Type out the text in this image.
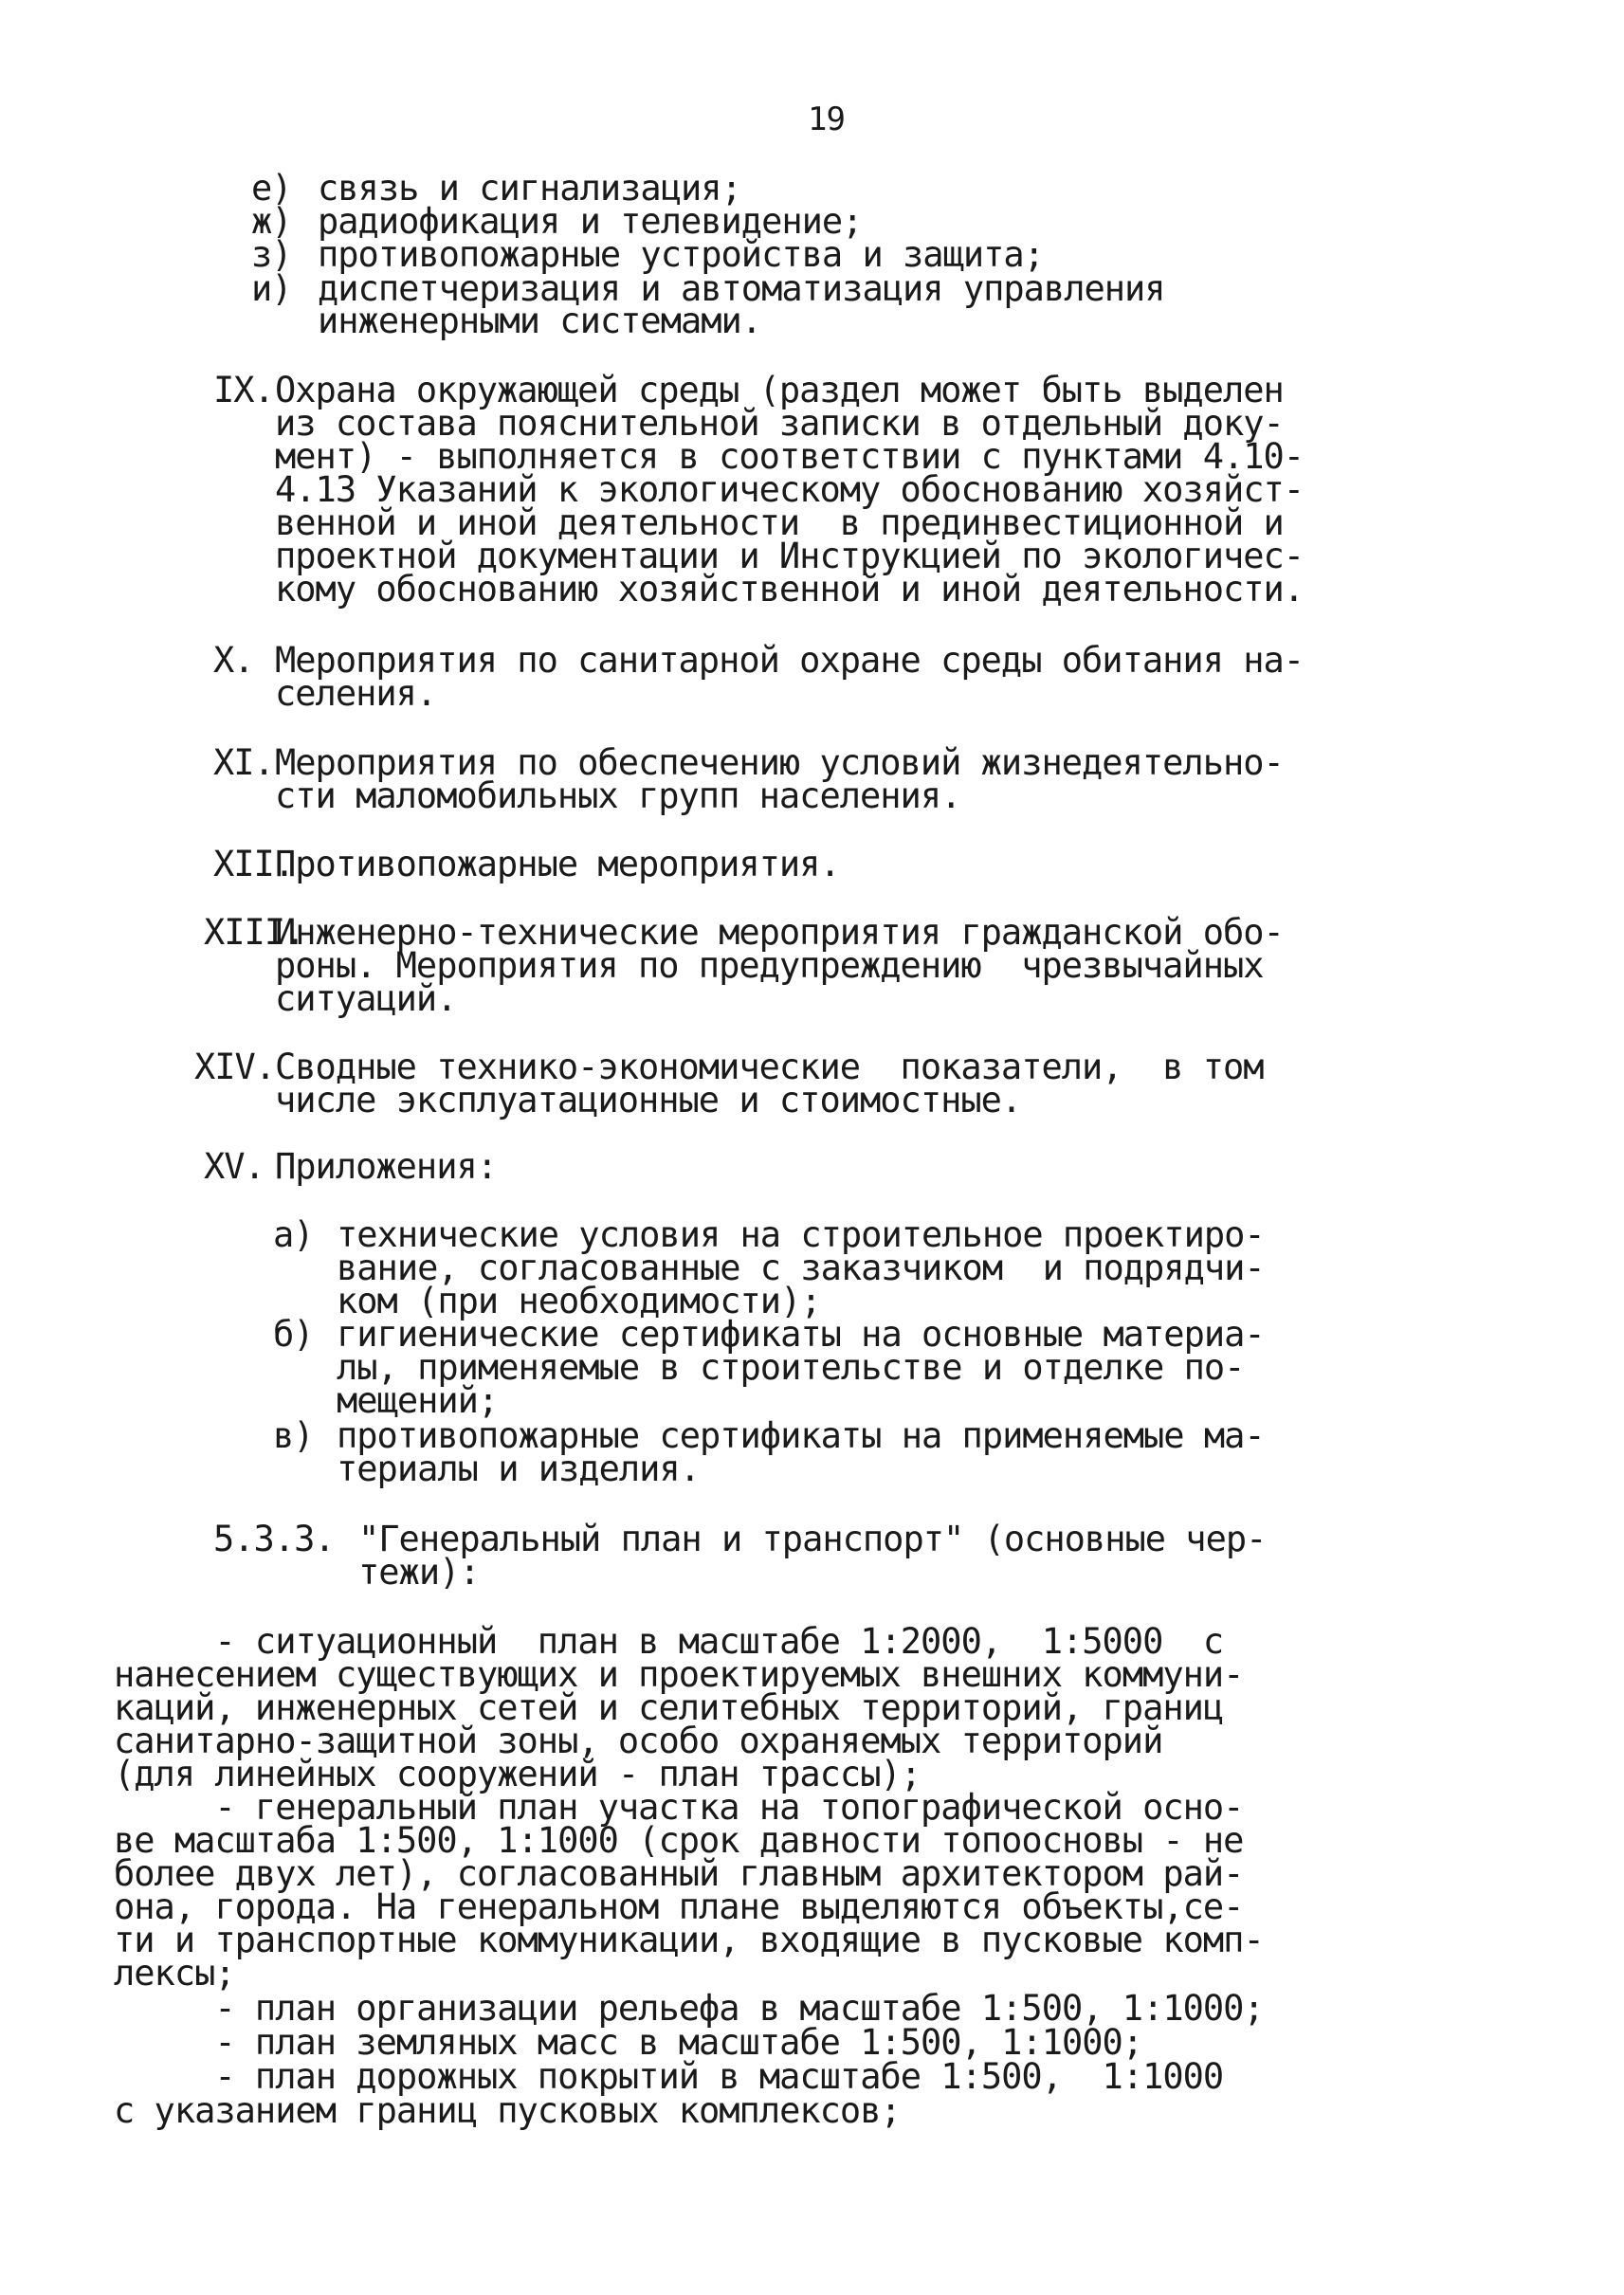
19
е) связь и сигнализация;
ж) радиофикация и телевидение;
з) противопожарные устройства и защита;
и) диспетчеризация и автоматизация управления
инженерными системами.
IX. Охрана окружающей среды (раздел может быть выделен
из состава пояснительной записки в отдельный доку-
мент) - выполняется в соответствии с пунктами 4.10-
4.13 Указаний к экологическому обоснованию хозяйст-
венной и иной деятельности  в прединвестиционной и
проектной документации и Инструкцией по экологичес-
кому обоснованию хозяйственной и иной деятельности.
X. Мероприятия по санитарной охране среды обитания на-
селения.
XI. Мероприятия по обеспечению условий жизнедеятельно-
сти маломобильных групп населения.
XII.
Противопожарные мероприятия.
XIII.
Инженерно-технические мероприятия гражданской обо-
роны. Мероприятия по предупреждению  чрезвычайных
ситуаций.
XIV. Сводные технико-экономические  показатели,  в том
числе эксплуатационные и стоимостные.
XV. Приложения:
а) технические условия на строительное проектиро-
вание, согласованные с заказчиком  и подрядчи-
ком (при необходимости);
б) гигиенические сертификаты на основные материа-
лы, применяемые в строительстве и отделке по-
мещений;
в) противопожарные сертификаты на применяемые ма-
териалы и изделия.
5.3.3. "Генеральный план и транспорт" (основные чер-
тежи):
- ситуационный  план в масштабе 1:2000,  1:5000  с
нанесением существующих и проектируемых внешних коммуни-
каций, инженерных сетей и селитебных территорий, границ
санитарно-защитной зоны, особо охраняемых территорий
(для линейных сооружений - план трассы);
- генеральный план участка на топографической осно-
ве масштаба 1:500, 1:1000 (срок давности топоосновы - не
более двух лет), согласованный главным архитектором рай-
она, города. На генеральном плане выделяются объекты,се-
ти и транспортные коммуникации, входящие в пусковые комп-
лексы;
- план организации рельефа в масштабе 1:500, 1:1000;
- план земляных масс в масштабе 1:500, 1:1000;
- план дорожных покрытий в масштабе 1:500,  1:1000
с указанием границ пусковых комплексов;
